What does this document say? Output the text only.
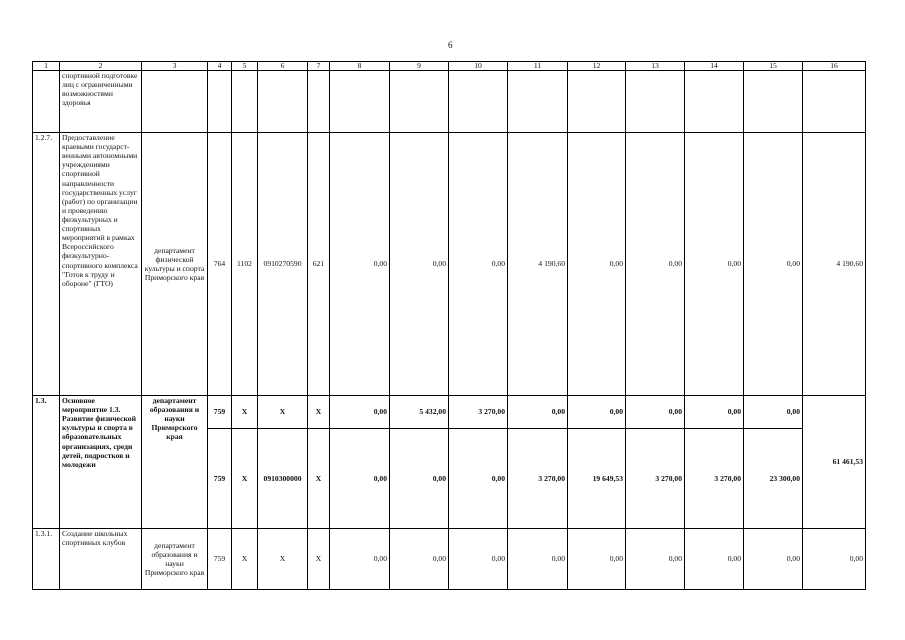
6
1	2	3	4	5	6	7	8	9	10	11	12	13	14	15	16
	спортивной подготовке лиц с ограниченными возможностями здоровья														
1.2.7.	Предоставление краевыми государст-венными автономными учреждениями спортивной направленности государственных услуг (работ) по организации и проведению физкультурных и спортивных мероприятий в рамках Всероссийского физкультурно-спортивного комплекса "Готов к труду и обороне" (ГТО)	департамент физической культуры и спорта Приморского края	764	1102	0910270590	621	0,00	0,00	0,00	4 190,60	0,00	0,00	0,00	0,00	4 190,60
1.3.	Основное мероприятие 1.3. Развитие физической культуры и спорта в образовательных организациях, среди детей, подростков и молодежи	департамент образования и науки Приморского края	759	X	X	X	0,00	5 432,00	3 270,00	0,00	0,00	0,00	0,00	0,00	61 461,53
			759	X	0910300000	X	0,00	0,00	0,00	3 270,00	19 649,53	3 270,00	3 270,00	23 300,00	
1.3.1.	Создание школьных спортивных клубов	департамент образования и науки Приморского края	759	X	X	X	0,00	0,00	0,00	0,00	0,00	0,00	0,00	0,00	0,00
